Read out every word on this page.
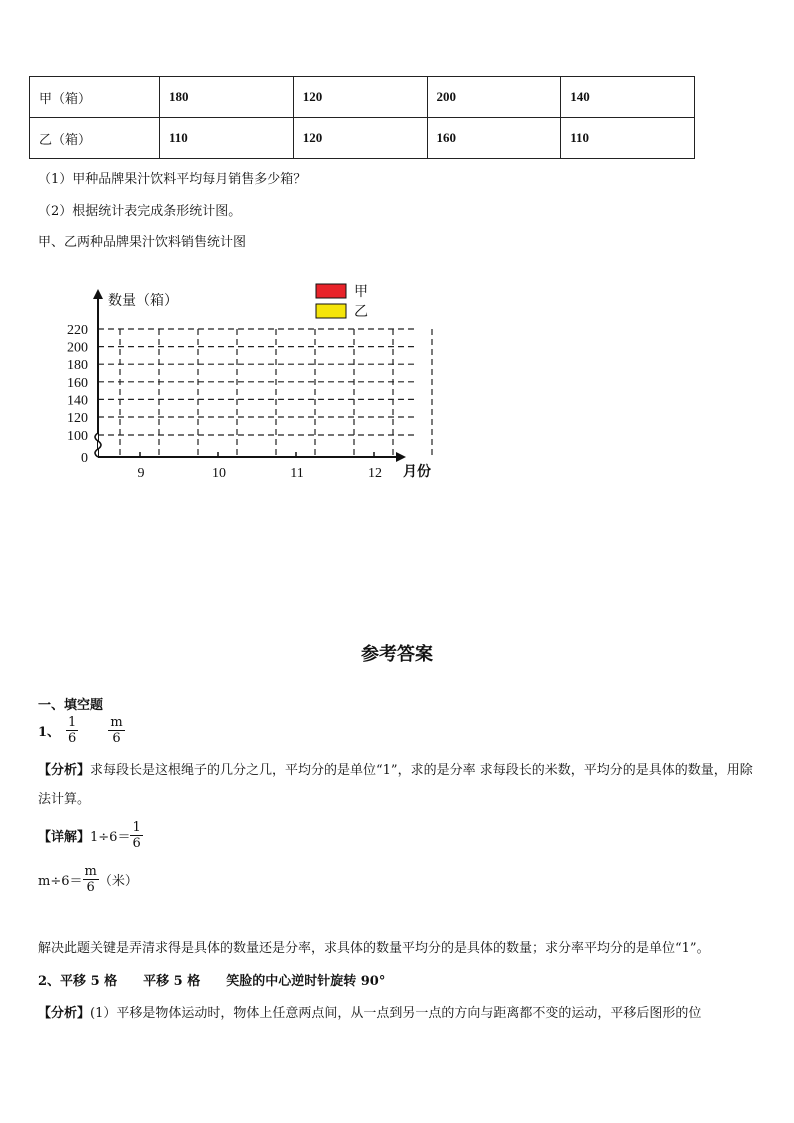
甲（箱）	180	120	200	140
乙（箱）	110	120	160	110
（1）甲种品牌果汁饮料平均每月销售多少箱？
（2）根据统计表完成条形统计图。
甲、乙两种品牌果汁饮料销售统计图
220
200
180
160
140
120
100
0
9	10	11	12
数量（箱）
月份
甲
乙
参考答案
一、填空题
1、 $\frac{1}{6} \frac{m}{6}$
【分析】求每段长是这根绳子的几分之几，平均分的是单位“1”，求的是分率 求每段长的米数，平均分的是具体的数量，用除法计算。
【详解】 $1\div 6= \frac{1}{6}$
$m\div 6= \frac{m}{6}$ （米）
解决此题关键是弄清求得是具体的数量还是分率，求具体的数量平均分的是具体的数量；求分率平均分的是单位“1”。
2、平移 5 格　　平移 5 格　　笑脸的中心逆时针旋转 90°
【分析】(1）平移是物体运动时，物体上任意两点间，从一点到另一点的方向与距离都不变的运动，平移后图形的位
